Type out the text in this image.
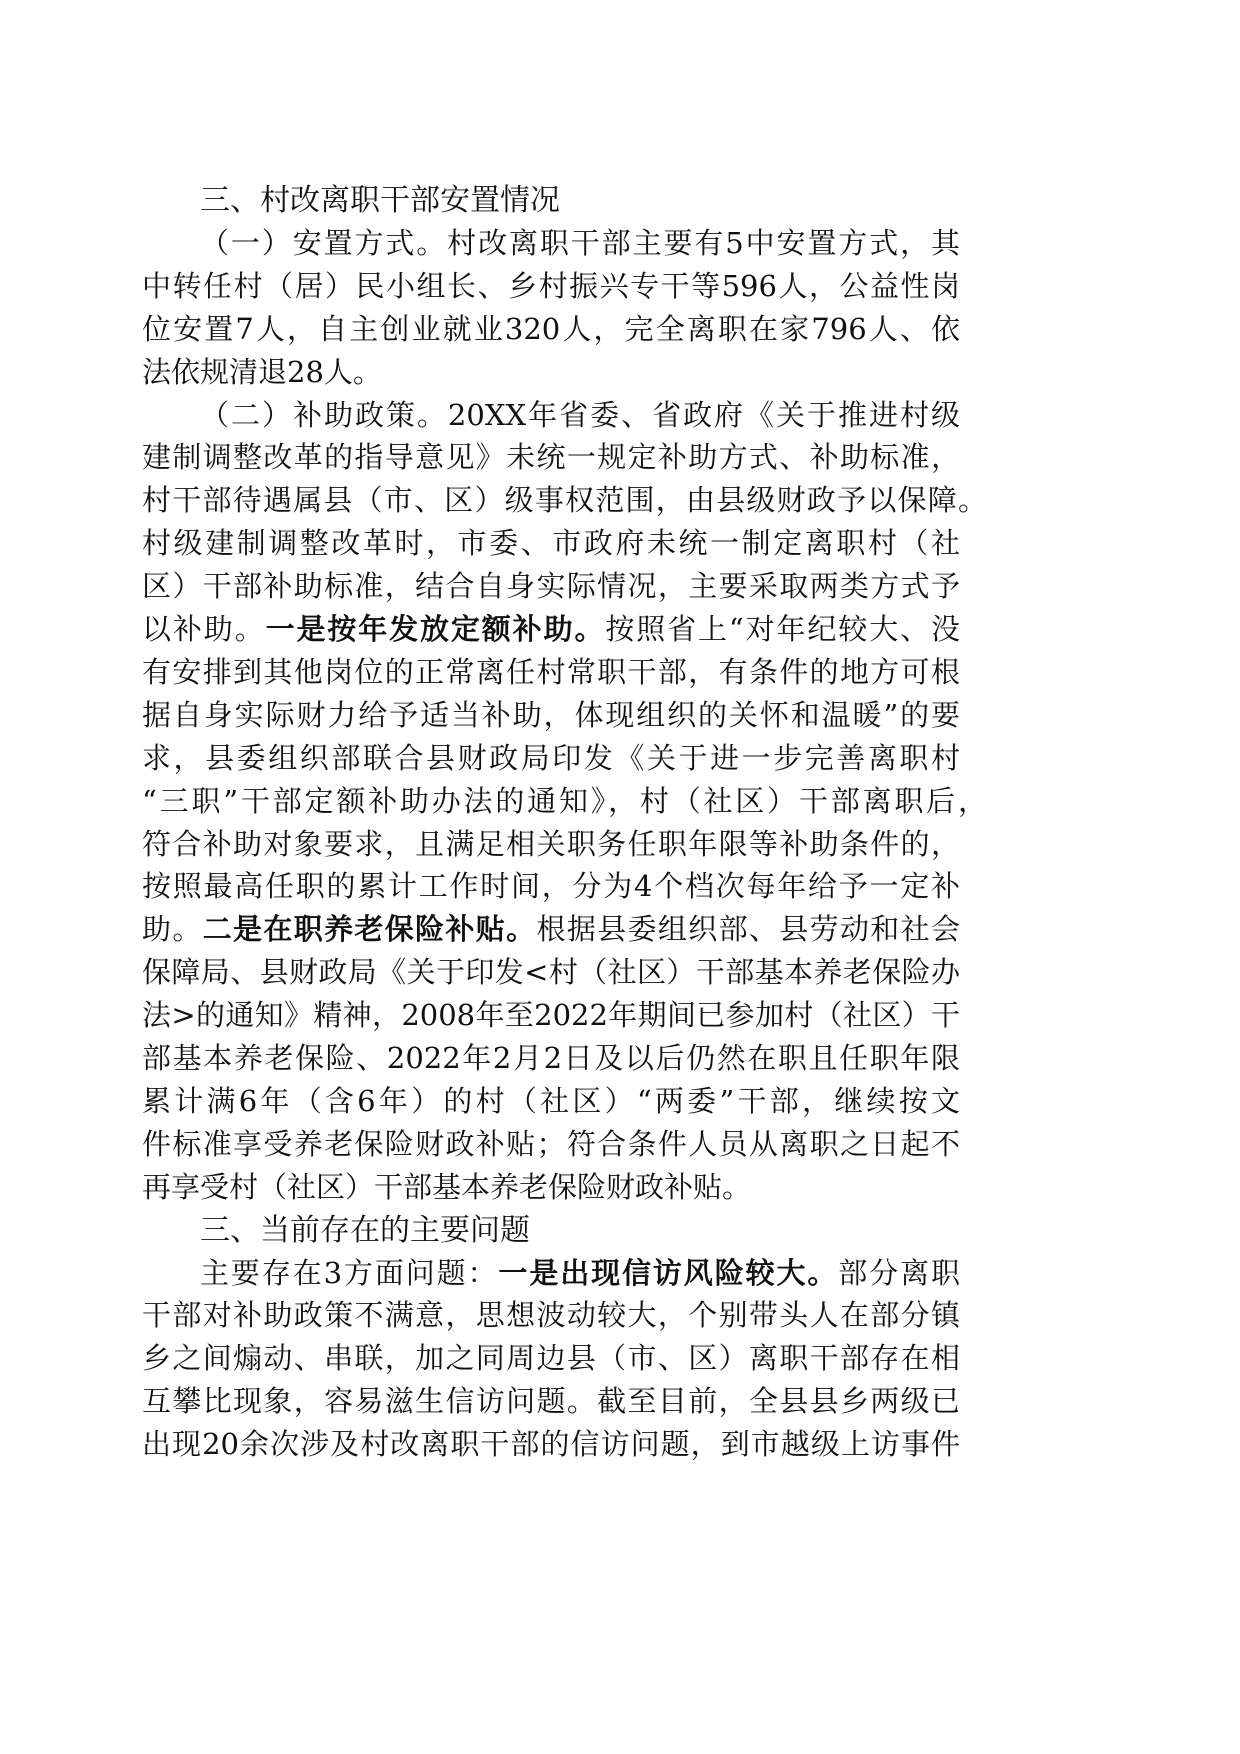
三、村改离职干部安置情况
（一）安置方式。村改离职干部主要有5中安置方式，其
中转任村（居）民小组长、乡村振兴专干等596人，公益性岗
位安置7人，自主创业就业320人，完全离职在家796人、依
法依规清退28人。
（二）补助政策。20XX年省委、省政府《关于推进村级
建制调整改革的指导意见》未统一规定补助方式、补助标准，
村干部待遇属县（市、区）级事权范围，由县级财政予以保障。
村级建制调整改革时，市委、市政府未统一制定离职村（社
区）干部补助标准，结合自身实际情况，主要采取两类方式予
以补助。一是按年发放定额补助。按照省上“对年纪较大、没
有安排到其他岗位的正常离任村常职干部，有条件的地方可根
据自身实际财力给予适当补助，体现组织的关怀和温暖”的要
求，县委组织部联合县财政局印发《关于进一步完善离职村
“三职”干部定额补助办法的通知》，村（社区）干部离职后，
符合补助对象要求，且满足相关职务任职年限等补助条件的，
按照最高任职的累计工作时间，分为4个档次每年给予一定补
助。二是在职养老保险补贴。根据县委组织部、县劳动和社会
保障局、县财政局《关于印发<村（社区）干部基本养老保险办
法>的通知》精神，2008年至2022年期间已参加村（社区）干
部基本养老保险、2022年2月2日及以后仍然在职且任职年限
累计满6年（含6年）的村（社区）“两委”干部，继续按文
件标准享受养老保险财政补贴；符合条件人员从离职之日起不
再享受村（社区）干部基本养老保险财政补贴。
三、当前存在的主要问题
主要存在3方面问题：一是出现信访风险较大。部分离职
干部对补助政策不满意，思想波动较大，个别带头人在部分镇
乡之间煽动、串联，加之同周边县（市、区）离职干部存在相
互攀比现象，容易滋生信访问题。截至目前，全县县乡两级已
出现20余次涉及村改离职干部的信访问题，到市越级上访事件
